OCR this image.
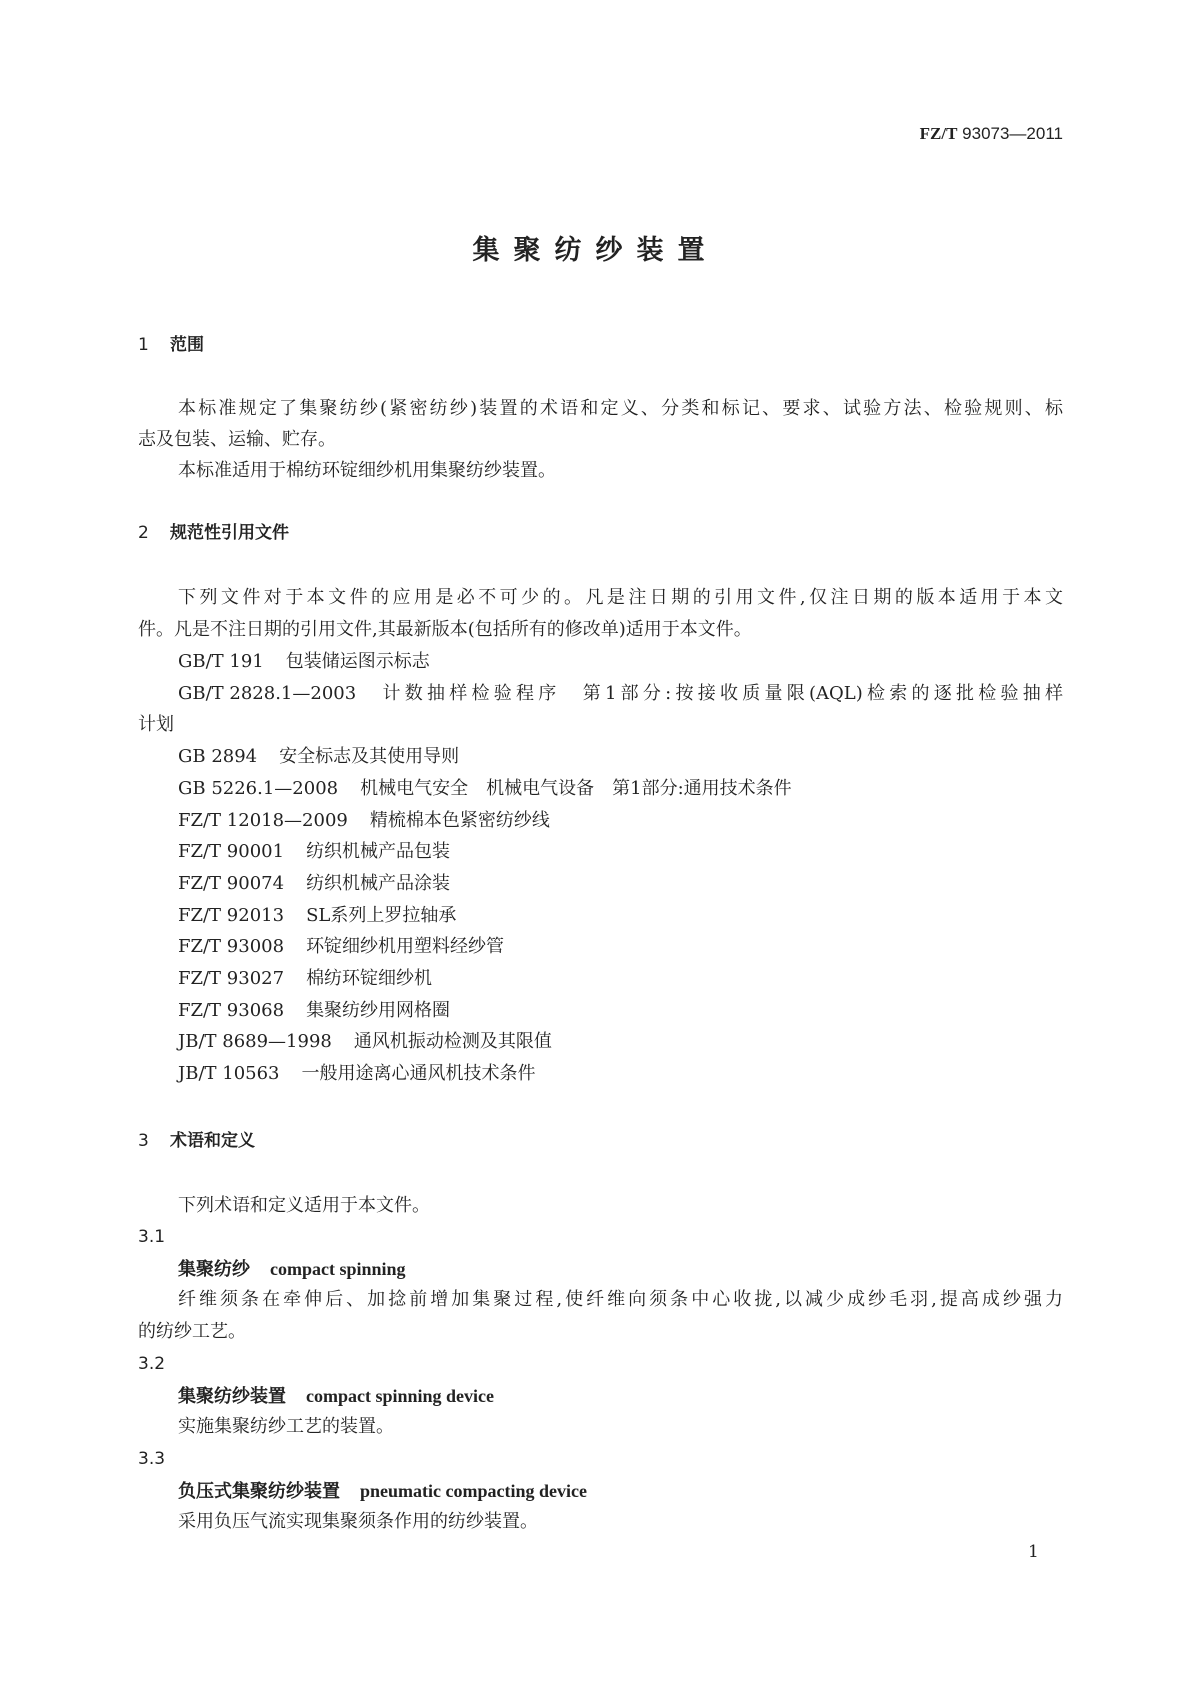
FZ/T 93073—2011
集聚纺纱装置
1 范围
本标准规定了集聚纺纱(紧密纺纱)装置的术语和定义、分类和标记、要求、试验方法、检验规则、标
志及包装、运输、贮存。
本标准适用于棉纺环锭细纱机用集聚纺纱装置。
2 规范性引用文件
下列文件对于本文件的应用是必不可少的。凡是注日期的引用文件,仅注日期的版本适用于本文
件。凡是不注日期的引用文件,其最新版本(包括所有的修改单)适用于本文件。
GB/T 191 包装储运图示标志
GB/T 2828.1—2003 计数抽样检验程序　第1部分:按接收质量限(AQL)检索的逐批检验抽样
计划
GB 2894 安全标志及其使用导则
GB 5226.1—2008 机械电气安全　机械电气设备　第1部分:通用技术条件
FZ/T 12018—2009 精梳棉本色紧密纺纱线
FZ/T 90001 纺织机械产品包装
FZ/T 90074 纺织机械产品涂装
FZ/T 92013 SL系列上罗拉轴承
FZ/T 93008 环锭细纱机用塑料经纱管
FZ/T 93027 棉纺环锭细纱机
FZ/T 93068 集聚纺纱用网格圈
JB/T 8689—1998 通风机振动检测及其限值
JB/T 10563 一般用途离心通风机技术条件
3 术语和定义
下列术语和定义适用于本文件。
3.1
集聚纺纱 compact spinning
纤维须条在牵伸后、加捻前增加集聚过程,使纤维向须条中心收拢,以减少成纱毛羽,提高成纱强力
的纺纱工艺。
3.2
集聚纺纱装置 compact spinning device
实施集聚纺纱工艺的装置。
3.3
负压式集聚纺纱装置 pneumatic compacting device
采用负压气流实现集聚须条作用的纺纱装置。
1
